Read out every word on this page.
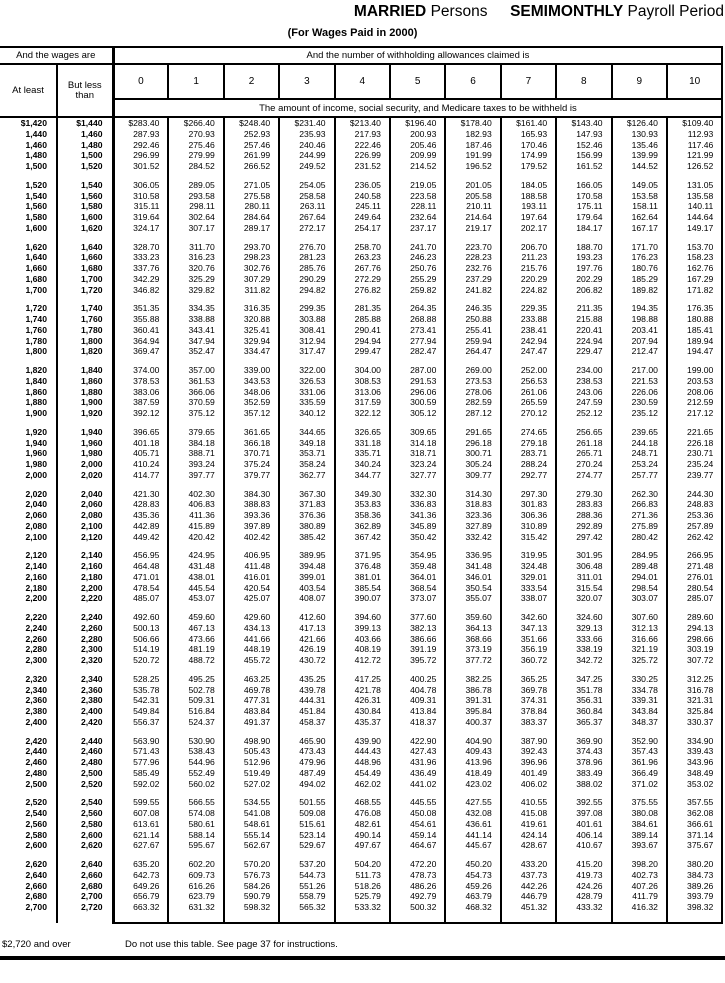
MARRIED Persons SEMIMONTHLY Payroll Period
(For Wages Paid in 2000)
And the wages are		And the number of withholding allowances claimed is										
At least	But less than	0	1	2	3	4	5	6	7	8	9	10
		The amount of income, social security, and Medicare taxes to be withheld is										
$1,420	$1,440	$283.40	$266.40	$248.40	$231.40	$213.40	$196.40	$178.40	$161.40	$143.40	$126.40	$109.40
1,440	1,460	287.93	270.93	252.93	235.93	217.93	200.93	182.93	165.93	147.93	130.93	112.93
1,460	1,480	292.46	275.46	257.46	240.46	222.46	205.46	187.46	170.46	152.46	135.46	117.46
1,480	1,500	296.99	279.99	261.99	244.99	226.99	209.99	191.99	174.99	156.99	139.99	121.99
1,500	1,520	301.52	284.52	266.52	249.52	231.52	214.52	196.52	179.52	161.52	144.52	126.52

1,520	1,540	306.05	289.05	271.05	254.05	236.05	219.05	201.05	184.05	166.05	149.05	131.05
1,540	1,560	310.58	293.58	275.58	258.58	240.58	223.58	205.58	188.58	170.58	153.58	135.58
1,560	1,580	315.11	298.11	280.11	263.11	245.11	228.11	210.11	193.11	175.11	158.11	140.11
1,580	1,600	319.64	302.64	284.64	267.64	249.64	232.64	214.64	197.64	179.64	162.64	144.64
1,600	1,620	324.17	307.17	289.17	272.17	254.17	237.17	219.17	202.17	184.17	167.17	149.17

1,620	1,640	328.70	311.70	293.70	276.70	258.70	241.70	223.70	206.70	188.70	171.70	153.70
1,640	1,660	333.23	316.23	298.23	281.23	263.23	246.23	228.23	211.23	193.23	176.23	158.23
1,660	1,680	337.76	320.76	302.76	285.76	267.76	250.76	232.76	215.76	197.76	180.76	162.76
1,680	1,700	342.29	325.29	307.29	290.29	272.29	255.29	237.29	220.29	202.29	185.29	167.29
1,700	1,720	346.82	329.82	311.82	294.82	276.82	259.82	241.82	224.82	206.82	189.82	171.82

1,720	1,740	351.35	334.35	316.35	299.35	281.35	264.35	246.35	229.35	211.35	194.35	176.35
1,740	1,760	355.88	338.88	320.88	303.88	285.88	268.88	250.88	233.88	215.88	198.88	180.88
1,760	1,780	360.41	343.41	325.41	308.41	290.41	273.41	255.41	238.41	220.41	203.41	185.41
1,780	1,800	364.94	347.94	329.94	312.94	294.94	277.94	259.94	242.94	224.94	207.94	189.94
1,800	1,820	369.47	352.47	334.47	317.47	299.47	282.47	264.47	247.47	229.47	212.47	194.47

1,820	1,840	374.00	357.00	339.00	322.00	304.00	287.00	269.00	252.00	234.00	217.00	199.00
1,840	1,860	378.53	361.53	343.53	326.53	308.53	291.53	273.53	256.53	238.53	221.53	203.53
1,860	1,880	383.06	366.06	348.06	331.06	313.06	296.06	278.06	261.06	243.06	226.06	208.06
1,880	1,900	387.59	370.59	352.59	335.59	317.59	300.59	282.59	265.59	247.59	230.59	212.59
1,900	1,920	392.12	375.12	357.12	340.12	322.12	305.12	287.12	270.12	252.12	235.12	217.12

1,920	1,940	396.65	379.65	361.65	344.65	326.65	309.65	291.65	274.65	256.65	239.65	221.65
1,940	1,960	401.18	384.18	366.18	349.18	331.18	314.18	296.18	279.18	261.18	244.18	226.18
1,960	1,980	405.71	388.71	370.71	353.71	335.71	318.71	300.71	283.71	265.71	248.71	230.71
1,980	2,000	410.24	393.24	375.24	358.24	340.24	323.24	305.24	288.24	270.24	253.24	235.24
2,000	2,020	414.77	397.77	379.77	362.77	344.77	327.77	309.77	292.77	274.77	257.77	239.77

2,020	2,040	421.30	402.30	384.30	367.30	349.30	332.30	314.30	297.30	279.30	262.30	244.30
2,040	2,060	428.83	406.83	388.83	371.83	353.83	336.83	318.83	301.83	283.83	266.83	248.83
2,060	2,080	435.36	411.36	393.36	376.36	358.36	341.36	323.36	306.36	288.36	271.36	253.36
2,080	2,100	442.89	415.89	397.89	380.89	362.89	345.89	327.89	310.89	292.89	275.89	257.89
2,100	2,120	449.42	420.42	402.42	385.42	367.42	350.42	332.42	315.42	297.42	280.42	262.42

2,120	2,140	456.95	424.95	406.95	389.95	371.95	354.95	336.95	319.95	301.95	284.95	266.95
2,140	2,160	464.48	431.48	411.48	394.48	376.48	359.48	341.48	324.48	306.48	289.48	271.48
2,160	2,180	471.01	438.01	416.01	399.01	381.01	364.01	346.01	329.01	311.01	294.01	276.01
2,180	2,200	478.54	445.54	420.54	403.54	385.54	368.54	350.54	333.54	315.54	298.54	280.54
2,200	2,220	485.07	453.07	425.07	408.07	390.07	373.07	355.07	338.07	320.07	303.07	285.07

2,220	2,240	492.60	459.60	429.60	412.60	394.60	377.60	359.60	342.60	324.60	307.60	289.60
2,240	2,260	500.13	467.13	434.13	417.13	399.13	382.13	364.13	347.13	329.13	312.13	294.13
2,260	2,280	506.66	473.66	441.66	421.66	403.66	386.66	368.66	351.66	333.66	316.66	298.66
2,280	2,300	514.19	481.19	448.19	426.19	408.19	391.19	373.19	356.19	338.19	321.19	303.19
2,300	2,320	520.72	488.72	455.72	430.72	412.72	395.72	377.72	360.72	342.72	325.72	307.72

2,320	2,340	528.25	495.25	463.25	435.25	417.25	400.25	382.25	365.25	347.25	330.25	312.25
2,340	2,360	535.78	502.78	469.78	439.78	421.78	404.78	386.78	369.78	351.78	334.78	316.78
2,360	2,380	542.31	509.31	477.31	444.31	426.31	409.31	391.31	374.31	356.31	339.31	321.31
2,380	2,400	549.84	516.84	483.84	451.84	430.84	413.84	395.84	378.84	360.84	343.84	325.84
2,400	2,420	556.37	524.37	491.37	458.37	435.37	418.37	400.37	383.37	365.37	348.37	330.37

2,420	2,440	563.90	530.90	498.90	465.90	439.90	422.90	404.90	387.90	369.90	352.90	334.90
2,440	2,460	571.43	538.43	505.43	473.43	444.43	427.43	409.43	392.43	374.43	357.43	339.43
2,460	2,480	577.96	544.96	512.96	479.96	448.96	431.96	413.96	396.96	378.96	361.96	343.96
2,480	2,500	585.49	552.49	519.49	487.49	454.49	436.49	418.49	401.49	383.49	366.49	348.49
2,500	2,520	592.02	560.02	527.02	494.02	462.02	441.02	423.02	406.02	388.02	371.02	353.02

2,520	2,540	599.55	566.55	534.55	501.55	468.55	445.55	427.55	410.55	392.55	375.55	357.55
2,540	2,560	607.08	574.08	541.08	509.08	476.08	450.08	432.08	415.08	397.08	380.08	362.08
2,560	2,580	613.61	580.61	548.61	515.61	482.61	454.61	436.61	419.61	401.61	384.61	366.61
2,580	2,600	621.14	588.14	555.14	523.14	490.14	459.14	441.14	424.14	406.14	389.14	371.14
2,600	2,620	627.67	595.67	562.67	529.67	497.67	464.67	445.67	428.67	410.67	393.67	375.67

2,620	2,640	635.20	602.20	570.20	537.20	504.20	472.20	450.20	433.20	415.20	398.20	380.20
2,640	2,660	642.73	609.73	576.73	544.73	511.73	478.73	454.73	437.73	419.73	402.73	384.73
2,660	2,680	649.26	616.26	584.26	551.26	518.26	486.26	459.26	442.26	424.26	407.26	389.26
2,680	2,700	656.79	623.79	590.79	558.79	525.79	492.79	463.79	446.79	428.79	411.79	393.79
2,700	2,720	663.32	631.32	598.32	565.32	533.32	500.32	468.32	451.32	433.32	416.32	398.32

$2,720 and over	Do not use this table. See page 37 for instructions.
